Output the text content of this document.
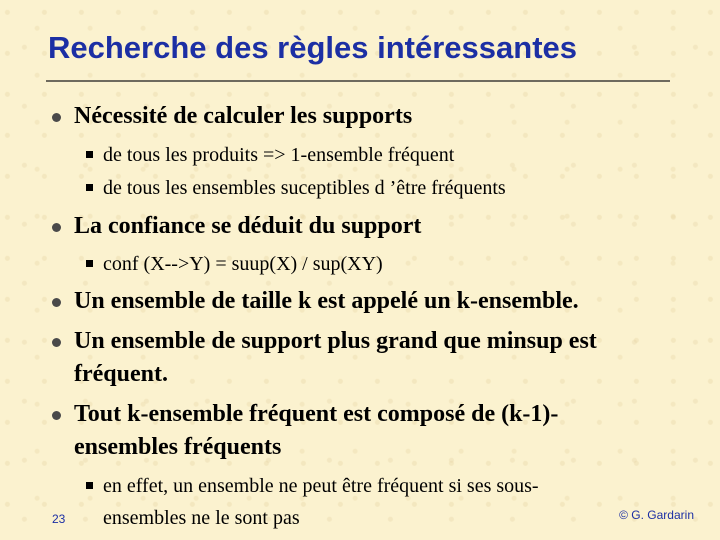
Recherche des règles intéressantes
Nécessité de calculer les supports
de tous les produits => 1-ensemble fréquent
de tous les ensembles suceptibles d ’être fréquents
La confiance se déduit du support
conf (X-->Y) = suup(X) / sup(XY)
Un ensemble de taille k est appelé un k-ensemble.
Un ensemble de support plus grand que minsup est
fréquent.
Tout k-ensemble fréquent est composé de (k-1)-
ensembles fréquents
en effet, un ensemble ne peut être fréquent si ses sous-
ensembles ne le sont pas
23	© G. Gardarin
